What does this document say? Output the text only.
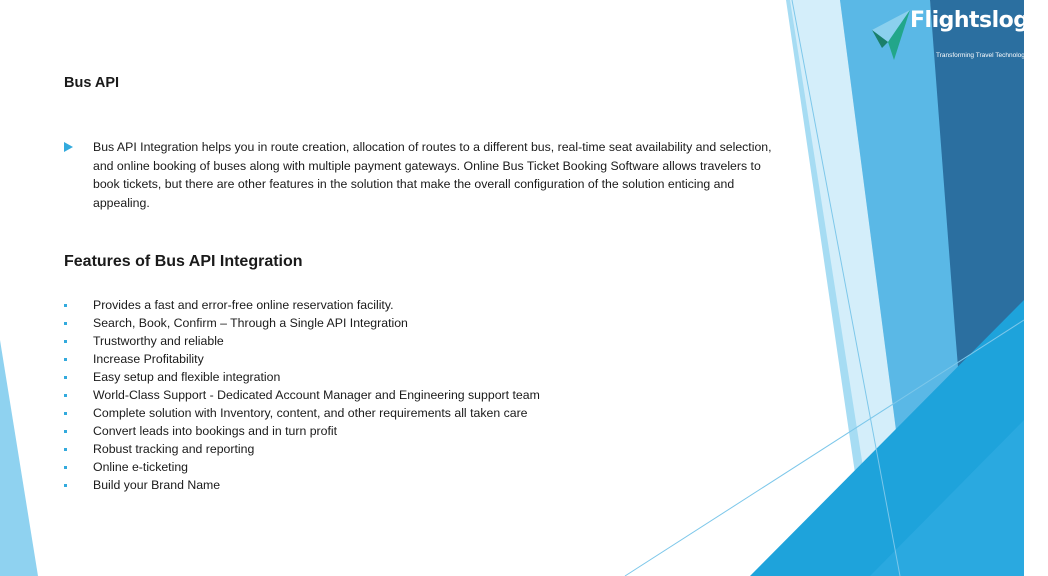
Bus API

Bus API Integration helps you in route creation, allocation of routes to a different bus, real-time seat availability and selection, and online booking of buses along with multiple payment gateways. Online Bus Ticket Booking Software allows travelers to book tickets, but there are other features in the solution that make the overall configuration of the solution enticing and appealing.

Features of Bus API Integration
Provides a fast and error-free online reservation facility.
Search, Book, Confirm – Through a Single API Integration
Trustworthy and reliable
Increase Profitability
Easy setup and flexible integration
World-Class Support - Dedicated Account Manager and Engineering support team
Complete solution with Inventory, content, and other requirements all taken care
Convert leads into bookings and in turn profit
Robust tracking and reporting
Online e-ticketing
Build your Brand Name
Flightslogic
Transforming Travel Technology
